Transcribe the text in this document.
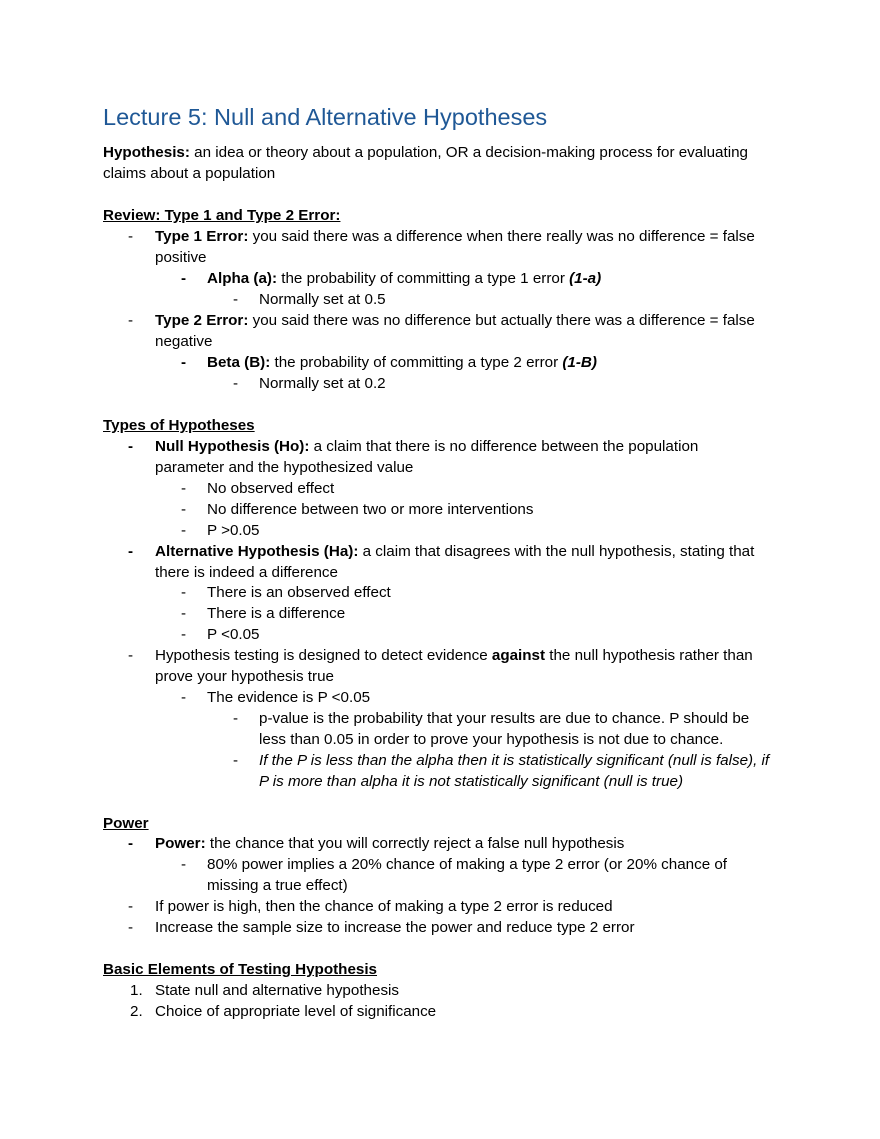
Lecture 5: Null and Alternative Hypotheses

Hypothesis: an idea or theory about a population, OR a decision-making process for evaluating claims about a population

Review: Type 1 and Type 2 Error:
- Type 1 Error: you said there was a difference when there really was no difference = false positive
- Alpha (a): the probability of committing a type 1 error (1-a)
- Normally set at 0.5
- Type 2 Error: you said there was no difference but actually there was a difference = false negative
- Beta (B): the probability of committing a type 2 error (1-B)
- Normally set at 0.2
Types of Hypotheses
- Null Hypothesis (Ho): a claim that there is no difference between the population parameter and the hypothesized value
- No observed effect
- No difference between two or more interventions
- P >0.05
- Alternative Hypothesis (Ha): a claim that disagrees with the null hypothesis, stating that there is indeed a difference
- There is an observed effect
- There is a difference
- P <0.05
- Hypothesis testing is designed to detect evidence against the null hypothesis rather than prove your hypothesis true
- The evidence is P <0.05
- p-value is the probability that your results are due to chance. P should be less than 0.05 in order to prove your hypothesis is not due to chance.
- If the P is less than the alpha then it is statistically significant (null is false), if P is more than alpha it is not statistically significant (null is true)
Power
- Power: the chance that you will correctly reject a false null hypothesis
- 80% power implies a 20% chance of making a type 2 error (or 20% chance of missing a true effect)
- If power is high, then the chance of making a type 2 error is reduced
- Increase the sample size to increase the power and reduce type 2 error
Basic Elements of Testing Hypothesis
1. State null and alternative hypothesis
2. Choice of appropriate level of significance
